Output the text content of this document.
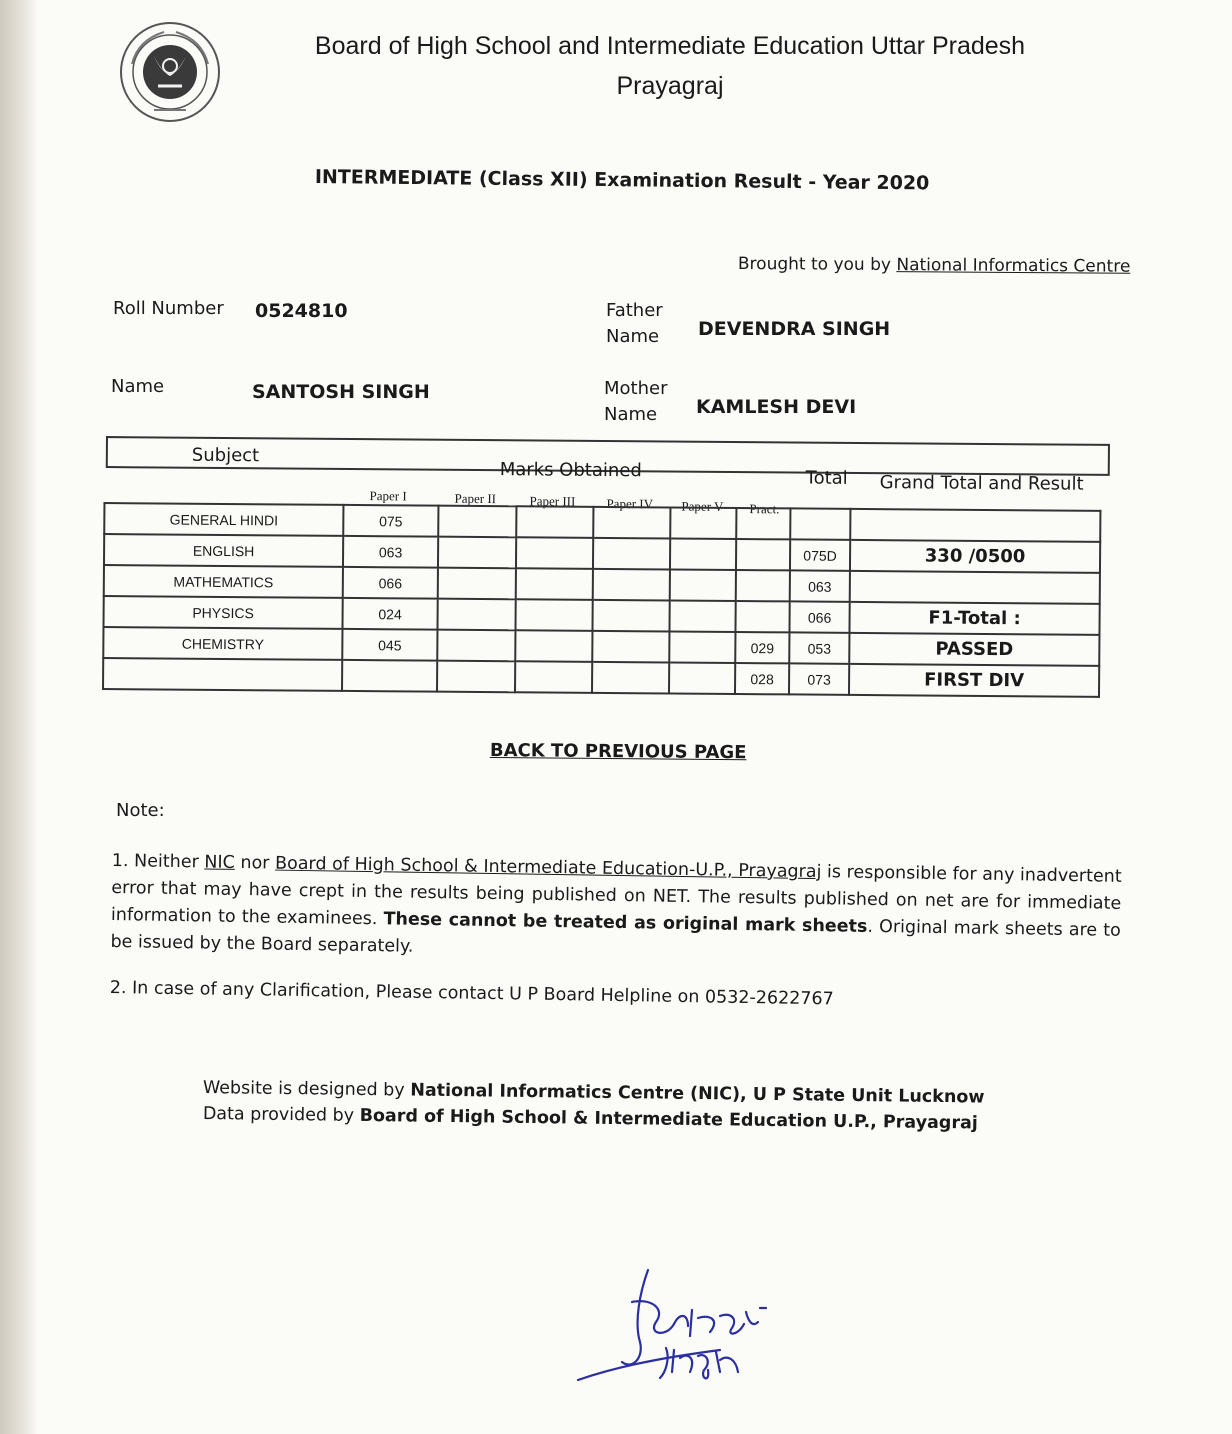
Board of High School and Intermediate Education Uttar Pradesh
Prayagraj
INTERMEDIATE (Class XII) Examination Result - Year 2020
Brought to you by National Informatics Centre
Roll Number 0524810
Name	SANTOSH SINGH
Father
Name DEVENDRA SINGH
Mother
Name	KAMLESH DEVI
Subject
Marks Obtained	Total Grand Total and Result
Paper I	Paper II	Paper III Paper IV Paper V Pract.
GENERAL HINDI	075							
ENGLISH	063						075D	330 /0500
MATHEMATICS	066						063	
PHYSICS	024						066	F1-Total :
CHEMISTRY	045					029	053	PASSED
						028	073	FIRST DIV
BACK TO PREVIOUS PAGE
Note:
1. Neither NIC nor Board of High School & Intermediate Education-U.P., Prayagraj is responsible for any inadvertent error that may have crept in the results being published on NET. The results published on net are for immediate information to the examinees. These cannot be treated as original mark sheets. Original mark sheets are to be issued by the Board separately.
2. In case of any Clarification, Please contact U P Board Helpline on 0532-2622767
Website is designed by National Informatics Centre (NIC), U P State Unit Lucknow
Data provided by Board of High School & Intermediate Education U.P., Prayagraj
